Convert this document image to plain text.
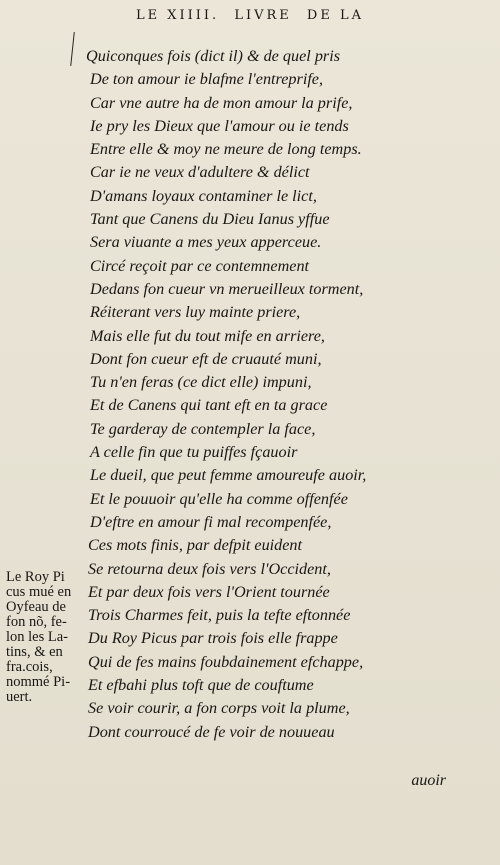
LE XIIII. LIVRE DE LA
Quiconques fois (dict il) & de quel pris
De ton amour ie blafme l'entreprife,
Car vne autre ha de mon amour la prife,
Ie pry les Dieux que l'amour ou ie tends
Entre elle & moy ne meure de long temps.
Car ie ne veux d'adultere & délict
D'amans loyaux contaminer le lict,
Tant que Canens du Dieu Ianus yffue
Sera viuante a mes yeux apperceue.
Circé reçoit par ce contemnement
Dedans fon cueur vn merueilleux torment,
Réiterant vers luy mainte priere,
Mais elle fut du tout mife en arriere,
Dont fon cueur eft de cruauté muni,
Tu n'en feras (ce dict elle) impuni,
Et de Canens qui tant eft en ta grace
Te garderay de contempler la face,
A celle fin que tu puiffes fçauoir
Le dueil, que peut femme amoureufe auoir,
Et le pouuoir qu'elle ha comme offenfée
D'eftre en amour fi mal recompenfée,
Ces mots finis, par defpit euident
Se retourna deux fois vers l'Occident,
Et par deux fois vers l'Orient tournée
Trois Charmes feit, puis la tefte eftonnée
Du Roy Picus par trois fois elle frappe
Qui de fes mains foubdainement efchappe,
Et efbahi plus toft que de couftume
Se voir courir, a fon corps voit la plume,
Dont courroucé de fe voir de nouueau
Le Roy Pi
cus mué en
Oyfeau de
fon nõ, fe-
lon les La-
tins, & en
fra.cois,
nommé Pi-
uert.
auoir
